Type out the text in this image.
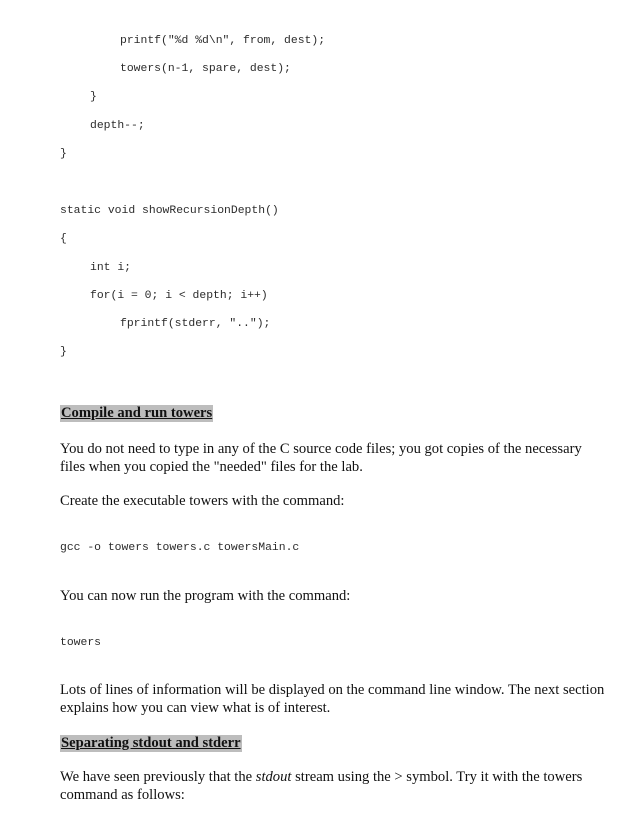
printf("%d %d\n", from, dest);
towers(n-1, spare, dest);
}
depth--;
}
static void showRecursionDepth()
{
int i;
for(i = 0; i < depth; i++)
fprintf(stderr, "..");
}
Compile and run towers
You do not need to type in any of the C source code files; you got copies of the necessary files when you copied the "needed" files for the lab.
Create the executable towers with the command:
gcc -o towers towers.c towersMain.c
You can now run the program with the command:
towers
Lots of lines of information will be displayed on the command line window. The next section explains how you can view what is of interest.
Separating stdout and stderr
We have seen previously that the stdout stream using the > symbol. Try it with the towers command as follows:
